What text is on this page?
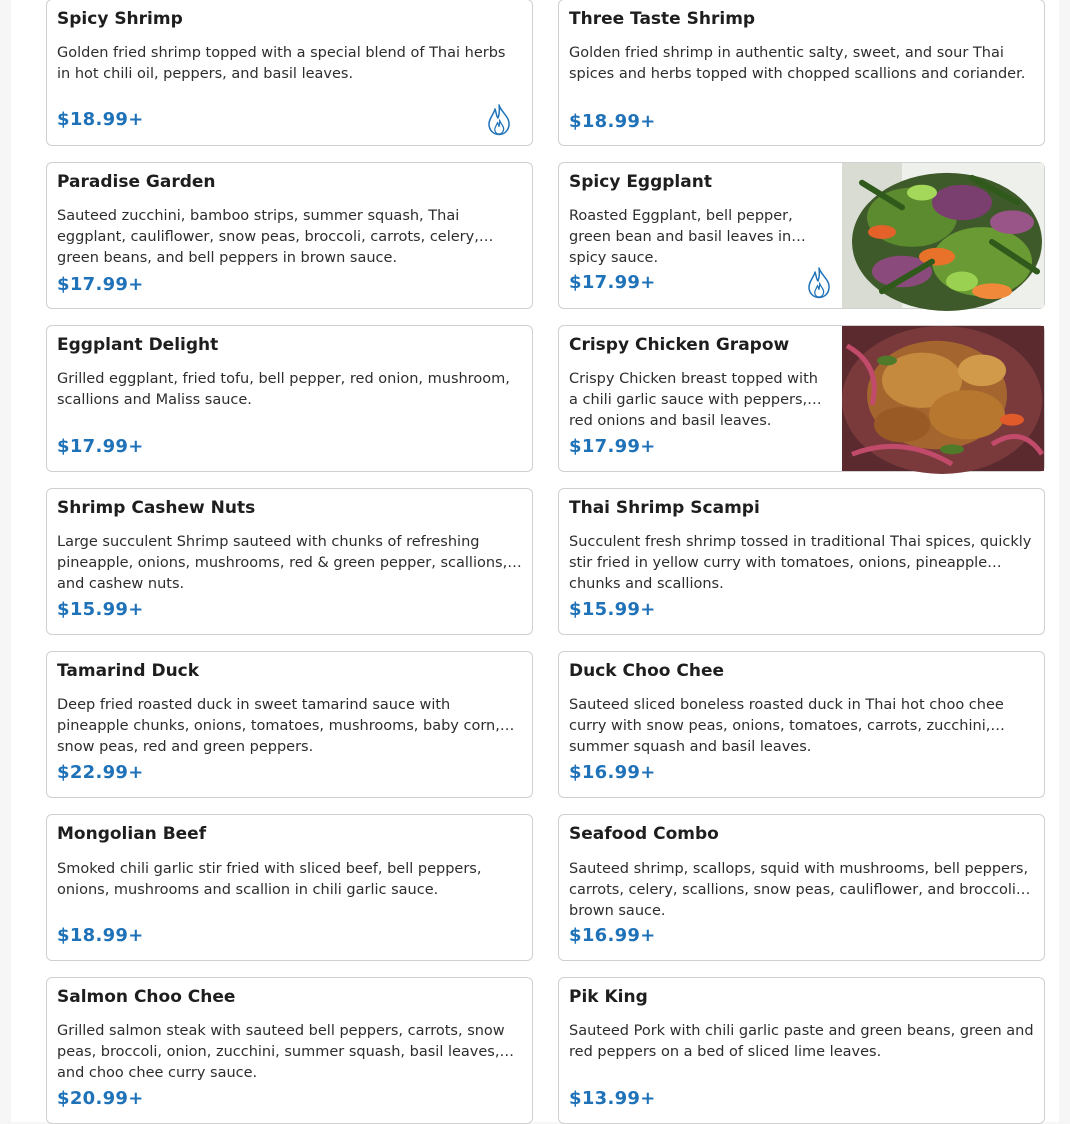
Spicy Shrimp
Golden fried shrimp topped with a special blend of Thai herbs in hot chili oil, peppers, and basil leaves.
$18.99+
Three Taste Shrimp
Golden fried shrimp in authentic salty, sweet, and sour Thai spices and herbs topped with chopped scallions and coriander.
$18.99+
Paradise Garden
Sauteed zucchini, bamboo strips, summer squash, Thai eggplant, cauliflower, snow peas, broccoli, carrots, celery, green beans, and bell peppers in brown sauce.
$17.99+
Spicy Eggplant
Roasted Eggplant, bell pepper, green bean and basil leaves in spicy sauce.
$17.99+
Eggplant Delight
Grilled eggplant, fried tofu, bell pepper, red onion, mushroom, scallions and Maliss sauce.
$17.99+
Crispy Chicken Grapow
Crispy Chicken breast topped with a chili garlic sauce with peppers, red onions and basil leaves.
$17.99+
Shrimp Cashew Nuts
Large succulent Shrimp sauteed with chunks of refreshing pineapple, onions, mushrooms, red & green pepper, scallions, and cashew nuts.
$15.99+
Thai Shrimp Scampi
Succulent fresh shrimp tossed in traditional Thai spices, quickly stir fried in yellow curry with tomatoes, onions, pineapple chunks and scallions.
$15.99+
Tamarind Duck
Deep fried roasted duck in sweet tamarind sauce with pineapple chunks, onions, tomatoes, mushrooms, baby corn, snow peas, red and green peppers.
$22.99+
Duck Choo Chee
Sauteed sliced boneless roasted duck in Thai hot choo chee curry with snow peas, onions, tomatoes, carrots, zucchini, summer squash and basil leaves.
$16.99+
Mongolian Beef
Smoked chili garlic stir fried with sliced beef, bell peppers, onions, mushrooms and scallion in chili garlic sauce.
$18.99+
Seafood Combo
Sauteed shrimp, scallops, squid with mushrooms, bell peppers, carrots, celery, scallions, snow peas, cauliflower, and broccoli in brown sauce.
$16.99+
Salmon Choo Chee
Grilled salmon steak with sauteed bell peppers, carrots, snow peas, broccoli, onion, zucchini, summer squash, basil leaves, and choo chee curry sauce.
$20.99+
Pik King
Sauteed Pork with chili garlic paste and green beans, green and red peppers on a bed of sliced lime leaves.
$13.99+
